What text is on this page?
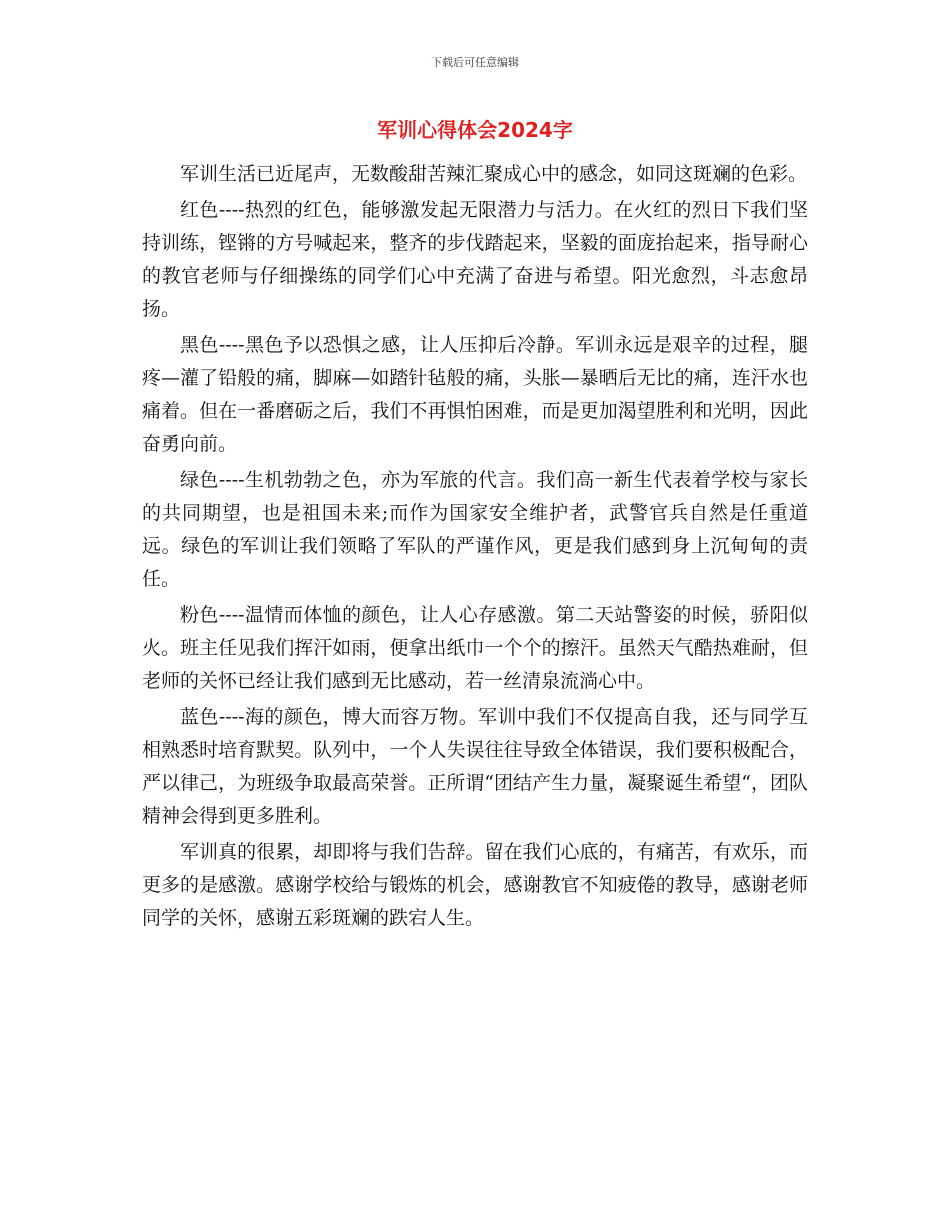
下载后可任意编辑
军训心得体会2024字

军训生活已近尾声，无数酸甜苦辣汇聚成心中的感念，如同这斑斓的色彩。

红色----热烈的红色，能够激发起无限潜力与活力。在火红的烈日下我们坚持训练，铿锵的方号喊起来，整齐的步伐踏起来，坚毅的面庞抬起来，指导耐心的教官老师与仔细操练的同学们心中充满了奋进与希望。阳光愈烈，斗志愈昂扬。

黑色----黑色予以恐惧之感，让人压抑后冷静。军训永远是艰辛的过程，腿疼—灌了铅般的痛，脚麻—如踏针毡般的痛，头胀—暴晒后无比的痛，连汗水也痛着。但在一番磨砺之后，我们不再惧怕困难，而是更加渴望胜利和光明，因此奋勇向前。

绿色----生机勃勃之色，亦为军旅的代言。我们高一新生代表着学校与家长的共同期望，也是祖国未来;而作为国家安全维护者，武警官兵自然是任重道远。绿色的军训让我们领略了军队的严谨作风，更是我们感到身上沉甸甸的责任。

粉色----温情而体恤的颜色，让人心存感激。第二天站警姿的时候，骄阳似火。班主任见我们挥汗如雨，便拿出纸巾一个个的擦汗。虽然天气酷热难耐，但老师的关怀已经让我们感到无比感动，若一丝清泉流淌心中。

蓝色----海的颜色，博大而容万物。军训中我们不仅提高自我，还与同学互相熟悉时培育默契。队列中，一个人失误往往导致全体错误，我们要积极配合，严以律己，为班级争取最高荣誉。正所谓“团结产生力量，凝聚诞生希望“，团队精神会得到更多胜利。

军训真的很累，却即将与我们告辞。留在我们心底的，有痛苦，有欢乐，而更多的是感激。感谢学校给与锻炼的机会，感谢教官不知疲倦的教导，感谢老师同学的关怀，感谢五彩斑斓的跌宕人生。
